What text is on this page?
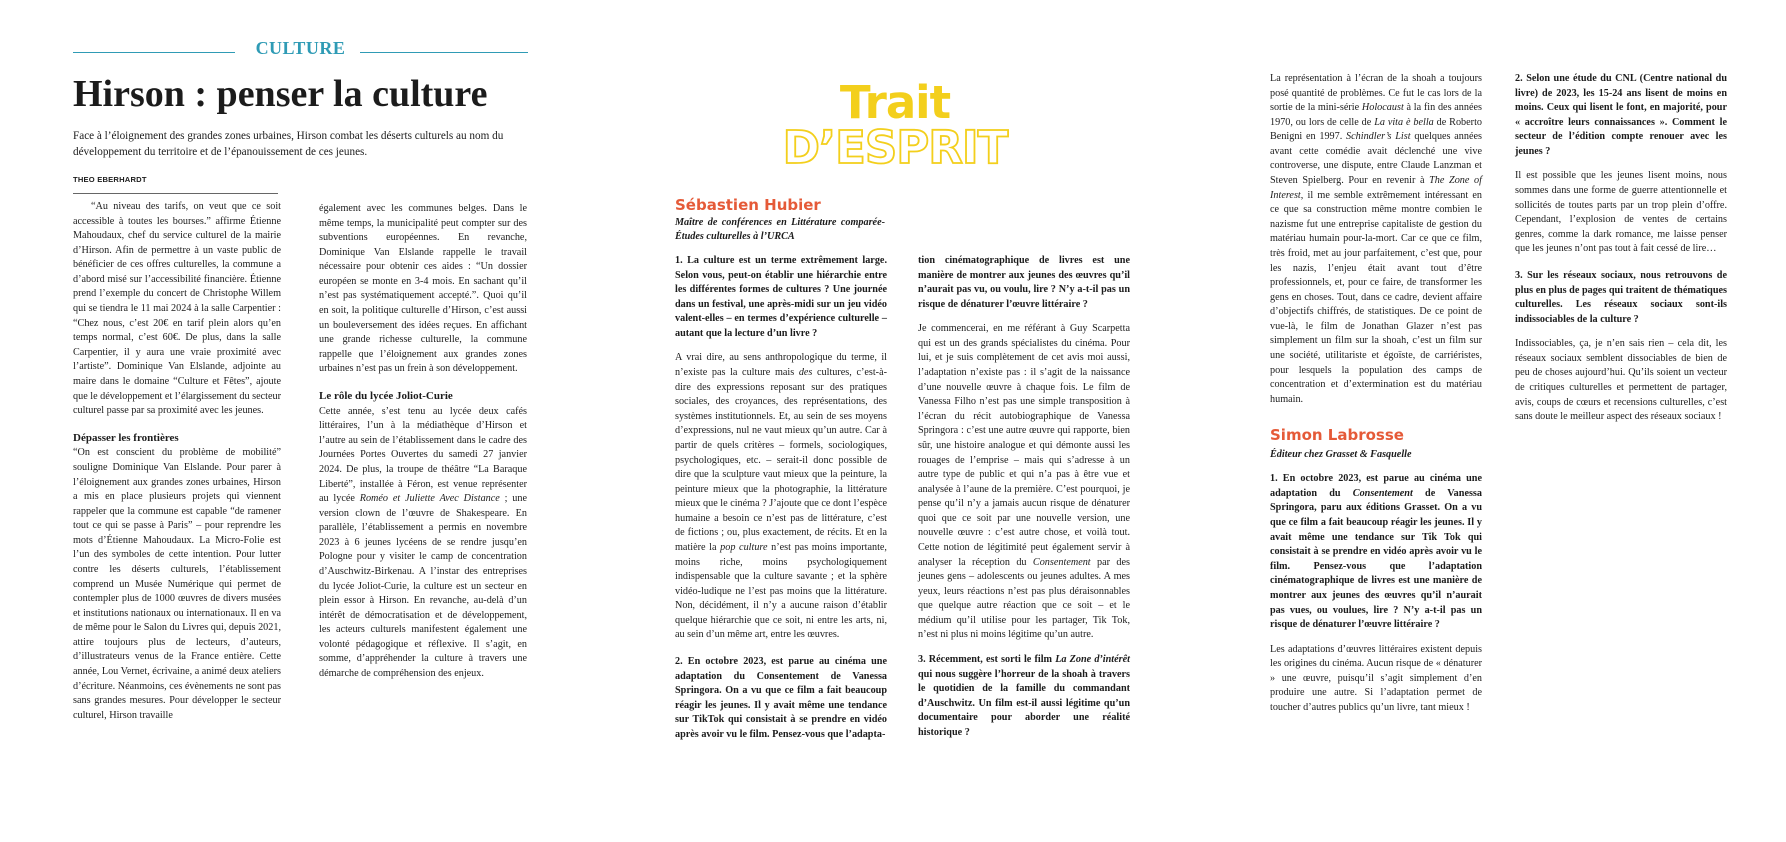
CULTURE
Hirson : penser la culture
Face à l’éloignement des grandes zones urbaines, Hirson combat les déserts culturels au nom du développement du territoire et de l’épanouissement de ces jeunes.
THEO EBERHARDT

“Au niveau des tarifs, on veut que ce soit accessible à toutes les bourses.” affirme Étienne Mahoudaux, chef du service culturel de la mairie d’Hirson. Afin de permettre à un vaste public de bénéficier de ces offres culturelles, la commune a d’abord misé sur l’accessibilité financière. Étienne prend l’exemple du concert de Christophe Willem qui se tiendra le 11 mai 2024 à la salle Carpentier : “Chez nous, c’est 20€ en tarif plein alors qu’en temps normal, c’est 60€. De plus, dans la salle Carpentier, il y aura une vraie proximité avec l’artiste”. Dominique Van Elslande, adjointe au maire dans le domaine “Culture et Fêtes”, ajoute que le développement et l’élargissement du secteur culturel passe par sa proximité avec les jeunes.

Dépasser les frontières

“On est conscient du problème de mobilité” souligne Dominique Van Elslande. Pour parer à l’éloignement aux grandes zones urbaines, Hirson a mis en place plusieurs projets qui viennent rappeler que la commune est capable “de ramener tout ce qui se passe à Paris” – pour reprendre les mots d’Étienne Mahoudaux. La Micro-Folie est l’un des symboles de cette intention. Pour lutter contre les déserts culturels, l’établissement comprend un Musée Numérique qui permet de contempler plus de 1000 œuvres de divers musées et institutions nationaux ou internationaux. Il en va de même pour le Salon du Livres qui, depuis 2021, attire toujours plus de lecteurs, d’auteurs, d’illustrateurs venus de la France entière. Cette année, Lou Vernet, écrivaine, a animé deux ateliers d’écriture. Néanmoins, ces évènements ne sont pas sans grandes mesures. Pour développer le secteur culturel, Hirson travaille

également avec les communes belges. Dans le même temps, la municipalité peut compter sur des subventions européennes. En revanche, Dominique Van Elslande rappelle le travail nécessaire pour obtenir ces aides : “Un dossier européen se monte en 3-4 mois. En sachant qu’il n’est pas systématiquement accepté.”. Quoi qu’il en soit, la politique culturelle d’Hirson, c’est aussi un bouleversement des idées reçues. En affichant une grande richesse culturelle, la commune rappelle que l’éloignement aux grandes zones urbaines n’est pas un frein à son développement.

Le rôle du lycée Joliot-Curie

Cette année, s’est tenu au lycée deux cafés littéraires, l’un à la médiathèque d’Hirson et l’autre au sein de l’établissement dans le cadre des Journées Portes Ouvertes du samedi 27 janvier 2024. De plus, la troupe de théâtre “La Baraque Liberté”, installée à Féron, est venue représenter au lycée Roméo et Juliette Avec Distance ; une version clown de l’œuvre de Shakespeare. En parallèle, l’établissement a permis en novembre 2023 à 6 jeunes lycéens de se rendre jusqu’en Pologne pour y visiter le camp de concentration d’Auschwitz-Birkenau. A l’instar des entreprises du lycée Joliot-Curie, la culture est un secteur en plein essor à Hirson. En revanche, au-delà d’un intérêt de démocratisation et de développement, les acteurs culturels manifestent également une volonté pédagogique et réflexive. Il s’agit, en somme, d’appréhender la culture à travers une démarche de compréhension des enjeux.

Trait
D’ESPRIT
Sébastien Hubier
Maître de conférences en Littérature comparée-Études culturelles à l’URCA

1. La culture est un terme extrêmement large. Selon vous, peut-on établir une hiérarchie entre les différentes formes de cultures ? Une journée dans un festival, une après-midi sur un jeu vidéo valent-elles – en termes d’expérience culturelle – autant que la lecture d’un livre ?

A vrai dire, au sens anthropologique du terme, il n’existe pas la culture mais des cultures, c’est-à-dire des expressions reposant sur des pratiques sociales, des croyances, des représentations, des systèmes institutionnels. Et, au sein de ses moyens d’expressions, nul ne vaut mieux qu’un autre. Car à partir de quels critères – formels, sociologiques, psychologiques, etc. – serait-il donc possible de dire que la sculpture vaut mieux que la peinture, la peinture mieux que la photographie, la littérature mieux que le cinéma ? J’ajoute que ce dont l’espèce humaine a besoin ce n’est pas de littérature, c’est de fictions ; ou, plus exactement, de récits. Et en la matière la pop culture n’est pas moins importante, moins riche, moins psychologiquement indispensable que la culture savante ; et la sphère vidéo-ludique ne l’est pas moins que la littérature. Non, décidément, il n’y a aucune raison d’établir quelque hiérarchie que ce soit, ni entre les arts, ni, au sein d’un même art, entre les œuvres.

2. En octobre 2023, est parue au cinéma une adaptation du Consentement de Vanessa Springora. On a vu que ce film a fait beaucoup réagir les jeunes. Il y avait même une tendance sur TikTok qui consistait à se prendre en vidéo après avoir vu le film. Pensez-vous que l’adapta-

tion cinématographique de livres est une manière de montrer aux jeunes des œuvres qu’il n’aurait pas vu, ou voulu, lire ? N’y a-t-il pas un risque de dénaturer l’œuvre littéraire ?

Je commencerai, en me référant à Guy Scarpetta qui est un des grands spécialistes du cinéma. Pour lui, et je suis complètement de cet avis moi aussi, l’adaptation n’existe pas : il s’agit de la naissance d’une nouvelle œuvre à chaque fois. Le film de Vanessa Filho n’est pas une simple transposition à l’écran du récit autobiographique de Vanessa Springora : c’est une autre œuvre qui rapporte, bien sûr, une histoire analogue et qui démonte aussi les rouages de l’emprise – mais qui s’adresse à un autre type de public et qui n’a pas à être vue et analysée à l’aune de la première. C’est pourquoi, je pense qu’il n’y a jamais aucun risque de dénaturer quoi que ce soit par une nouvelle version, une nouvelle œuvre : c’est autre chose, et voilà tout. Cette notion de légitimité peut également servir à analyser la réception du Consentement par des jeunes gens – adolescents ou jeunes adultes. A mes yeux, leurs réactions n’est pas plus déraisonnables que quelque autre réaction que ce soit – et le médium qu’il utilise pour les partager, Tik Tok, n’est ni plus ni moins légitime qu’un autre.

3. Récemment, est sorti le film La Zone d’intérêt qui nous suggère l’horreur de la shoah à travers le quotidien de la famille du commandant d’Auschwitz. Un film est-il aussi légitime qu’un documentaire pour aborder une réalité historique ?

La représentation à l’écran de la shoah a toujours posé quantité de problèmes. Ce fut le cas lors de la sortie de la mini-série Holocaust à la fin des années 1970, ou lors de celle de La vita è bella de Roberto Benigni en 1997. Schindler’s List quelques années avant cette comédie avait déclenché une vive controverse, une dispute, entre Claude Lanzman et Steven Spielberg. Pour en revenir à The Zone of Interest, il me semble extrêmement intéressant en ce que sa construction même montre combien le nazisme fut une entreprise capitaliste de gestion du matériau humain pour-la-mort. Car ce que ce film, très froid, met au jour parfaitement, c’est que, pour les nazis, l’enjeu était avant tout d’être professionnels, et, pour ce faire, de transformer les gens en choses. Tout, dans ce cadre, devient affaire d’objectifs chiffrés, de statistiques. De ce point de vue-là, le film de Jonathan Glazer n’est pas simplement un film sur la shoah, c’est un film sur une société, utilitariste et égoïste, de carriéristes, pour lesquels la population des camps de concentration et d’extermination est du matériau humain.

Simon Labrosse
Éditeur chez Grasset & Fasquelle

1. En octobre 2023, est parue au cinéma une adaptation du Consentement de Vanessa Springora, paru aux éditions Grasset. On a vu que ce film a fait beaucoup réagir les jeunes. Il y avait même une tendance sur Tik Tok qui consistait à se prendre en vidéo après avoir vu le film. Pensez-vous que l’adaptation cinématographique de livres est une manière de montrer aux jeunes des œuvres qu’il n’aurait pas vues, ou voulues, lire ? N’y a-t-il pas un risque de dénaturer l’œuvre littéraire ?

Les adaptations d’œuvres littéraires existent depuis les origines du cinéma. Aucun risque de « dénaturer » une œuvre, puisqu’il s’agit simplement d’en produire une autre. Si l’adaptation permet de toucher d’autres publics qu’un livre, tant mieux !

2. Selon une étude du CNL (Centre national du livre) de 2023, les 15-24 ans lisent de moins en moins. Ceux qui lisent le font, en majorité, pour « accroître leurs connaissances ». Comment le secteur de l’édition compte renouer avec les jeunes ?

Il est possible que les jeunes lisent moins, nous sommes dans une forme de guerre attentionnelle et sollicités de toutes parts par un trop plein d’offre. Cependant, l’explosion de ventes de certains genres, comme la dark romance, me laisse penser que les jeunes n’ont pas tout à fait cessé de lire…

3. Sur les réseaux sociaux, nous retrouvons de plus en plus de pages qui traitent de thématiques culturelles. Les réseaux sociaux sont-ils indissociables de la culture ?

Indissociables, ça, je n’en sais rien – cela dit, les réseaux sociaux semblent dissociables de bien de peu de choses aujourd’hui. Qu’ils soient un vecteur de critiques culturelles et permettent de partager, avis, coups de cœurs et recensions culturelles, c’est sans doute le meilleur aspect des réseaux sociaux !
